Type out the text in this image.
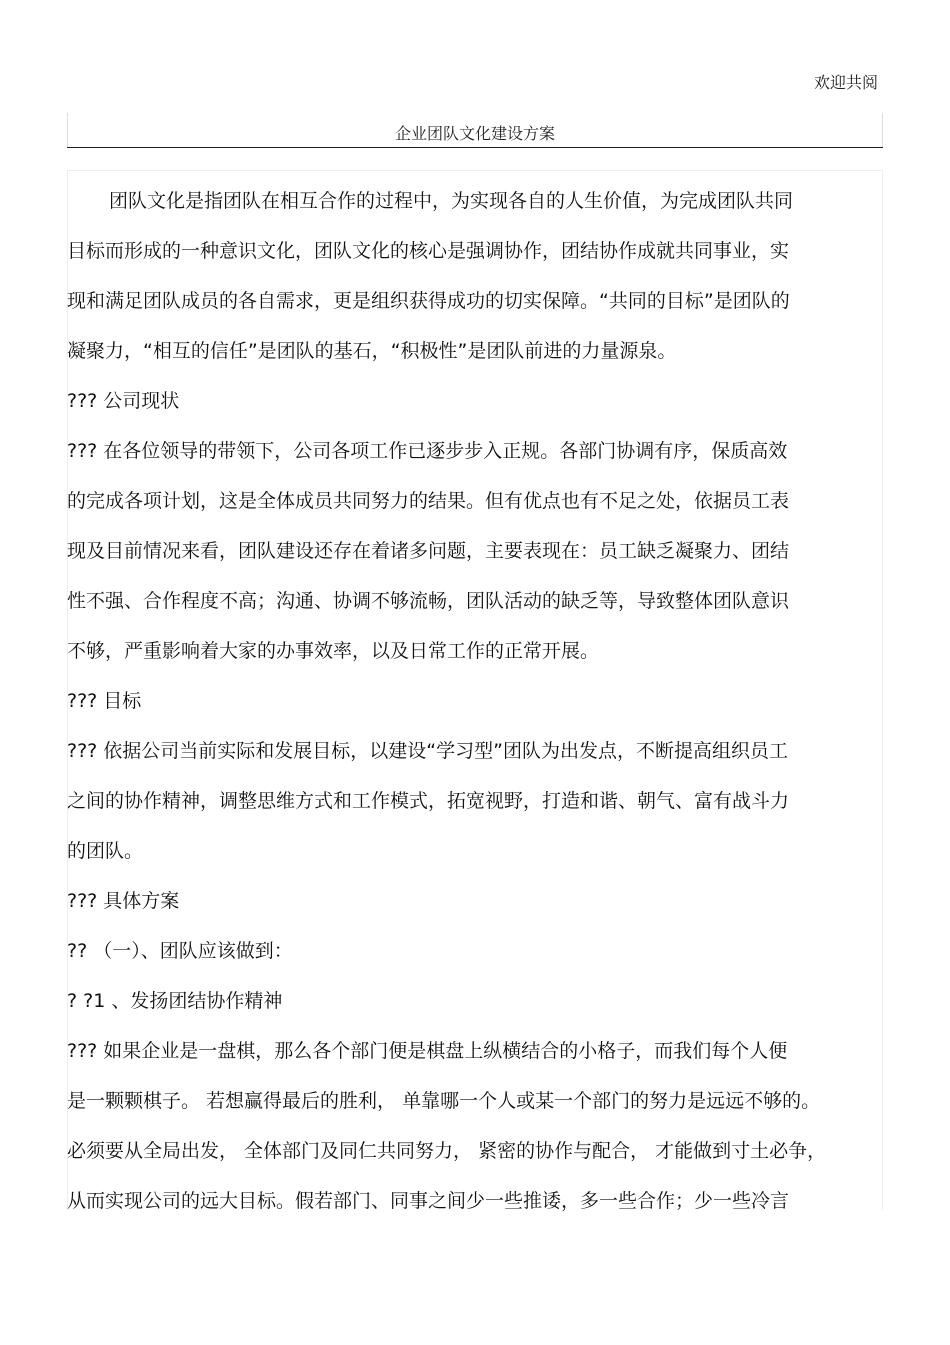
欢迎共阅
企业团队文化建设方案
团队文化是指团队在相互合作的过程中，为实现各自的人生价值，为完成团队共同
目标而形成的一种意识文化，团队文化的核心是强调协作，团结协作成就共同事业，实
现和满足团队成员的各自需求，更是组织获得成功的切实保障。“共同的目标”是团队的
凝聚力，“相互的信任”是团队的基石，“积极性”是团队前进的力量源泉。
??? 公司现状
??? 在各位领导的带领下，公司各项工作已逐步步入正规。各部门协调有序，保质高效
的完成各项计划，这是全体成员共同努力的结果。但有优点也有不足之处，依据员工表
现及目前情况来看，团队建设还存在着诸多问题，主要表现在：员工缺乏凝聚力、团结
性不强、合作程度不高；沟通、协调不够流畅，团队活动的缺乏等，导致整体团队意识
不够，严重影响着大家的办事效率，以及日常工作的正常开展。
??? 目标
??? 依据公司当前实际和发展目标，以建设“学习型”团队为出发点，不断提高组织员工
之间的协作精神，调整思维方式和工作模式，拓宽视野，打造和谐、朝气、富有战斗力
的团队。
??? 具体方案
?? （一）、团队应该做到：
? ?1 、发扬团结协作精神
??? 如果企业是一盘棋，那么各个部门便是棋盘上纵横结合的小格子，而我们每个人便
是一颗颗棋子。 若想赢得最后的胜利， 单靠哪一个人或某一个部门的努力是远远不够的。
必须要从全局出发， 全体部门及同仁共同努力， 紧密的协作与配合， 才能做到寸土必争，
从而实现公司的远大目标。假若部门、同事之间少一些推诿，多一些合作；少一些冷言
